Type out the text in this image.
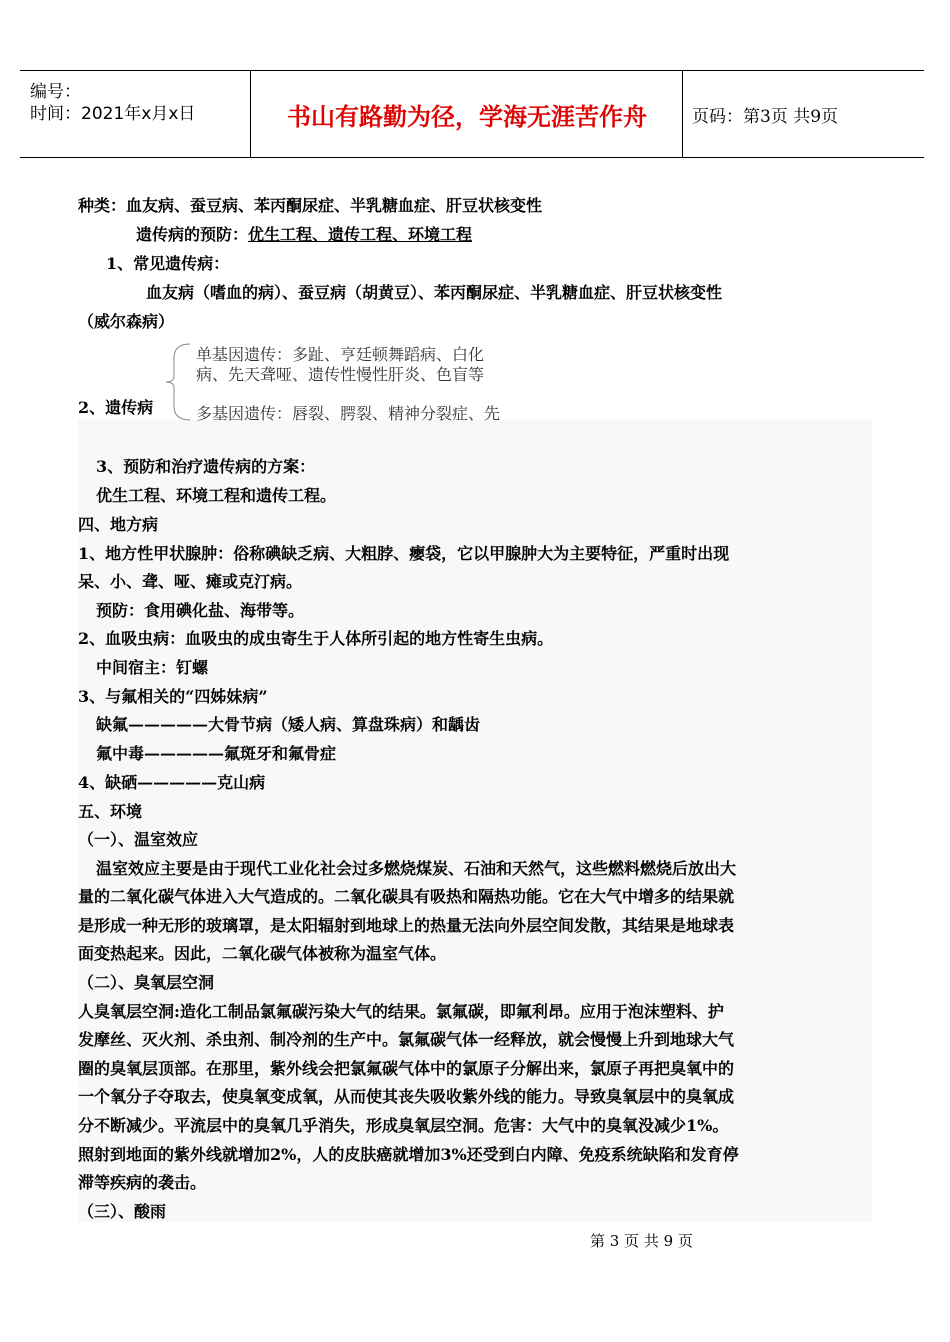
编号：
时间：2021年x月x日	书山有路勤为径，学海无涯苦作舟	页码：第3页 共9页
种类：血友病、蚕豆病、苯丙酮尿症、半乳糖血症、肝豆状核变性
遗传病的预防：优生工程、遗传工程、环境工程
1、常见遗传病：
血友病（嗜血的病）、蚕豆病（胡黄豆）、苯丙酮尿症、半乳糖血症、肝豆状核变性
（威尔森病）
单基因遗传：多趾、亨廷顿舞蹈病、白化
病、先天聋哑、遗传性慢性肝炎、色盲等
2、遗传病	多基因遗传：唇裂、腭裂、精神分裂症、先
3、预防和治疗遗传病的方案：
优生工程、环境工程和遗传工程。
四、地方病
1、地方性甲状腺肿：俗称碘缺乏病、大粗脖、瘿袋，它以甲腺肿大为主要特征，严重时出现
呆、小、聋、哑、瘫或克汀病。
预防：食用碘化盐、海带等。
2、血吸虫病：血吸虫的成虫寄生于人体所引起的地方性寄生虫病。
中间宿主：钉螺
3、与氟相关的“四姊妹病”
缺氟—————大骨节病（矮人病、算盘珠病）和龋齿
氟中毒—————氟斑牙和氟骨症
4、缺硒—————克山病
五、环境
（一）、温室效应
温室效应主要是由于现代工业化社会过多燃烧煤炭、石油和天然气，这些燃料燃烧后放出大
量的二氧化碳气体进入大气造成的。二氧化碳具有吸热和隔热功能。它在大气中增多的结果就
是形成一种无形的玻璃罩，是太阳辐射到地球上的热量无法向外层空间发散，其结果是地球表
面变热起来。因此，二氧化碳气体被称为温室气体。
（二）、臭氧层空洞
人臭氧层空洞:造化工制品氯氟碳污染大气的结果。氯氟碳，即氟利昂。应用于泡沫塑料、护
发摩丝、灭火剂、杀虫剂、制冷剂的生产中。氯氟碳气体一经释放，就会慢慢上升到地球大气
圈的臭氧层顶部。在那里，紫外线会把氯氟碳气体中的氯原子分解出来，氯原子再把臭氧中的
一个氧分子夺取去，使臭氧变成氧，从而使其丧失吸收紫外线的能力。导致臭氧层中的臭氧成
分不断减少。平流层中的臭氧几乎消失，形成臭氧层空洞。危害：大气中的臭氧没减少1%。
照射到地面的紫外线就增加2%，人的皮肤癌就增加3%还受到白内障、免疫系统缺陷和发育停
滞等疾病的袭击。
（三）、酸雨
第 3 页 共 9 页
